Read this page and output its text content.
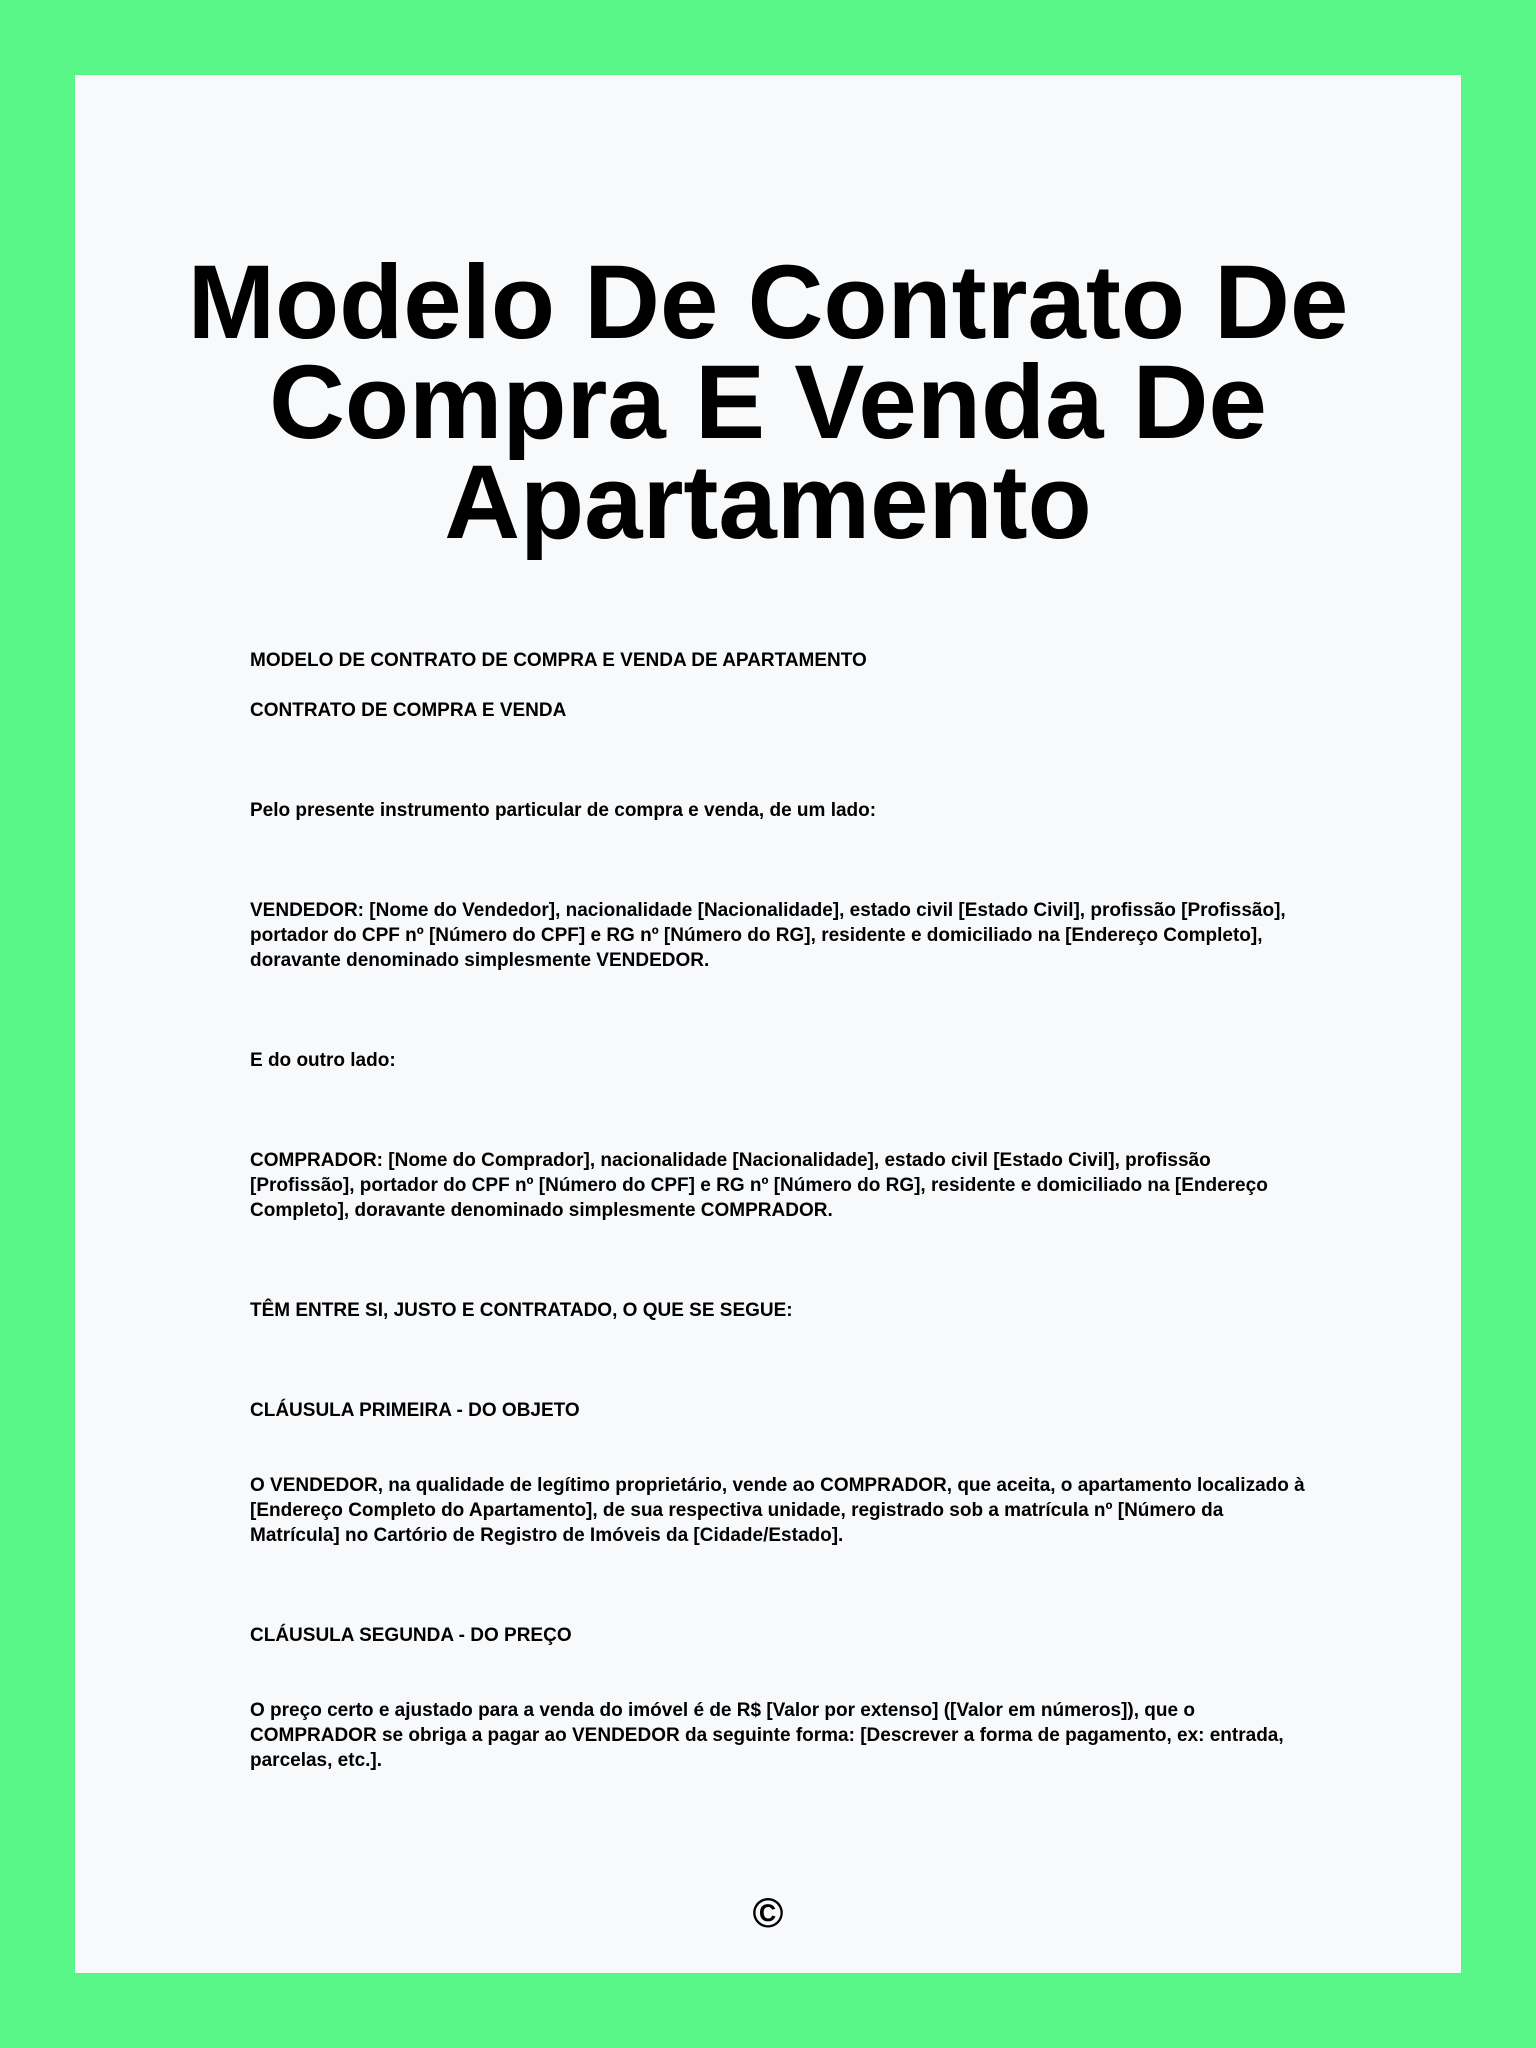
Modelo De Contrato De Compra E Venda De Apartamento

MODELO DE CONTRATO DE COMPRA E VENDA DE APARTAMENTO

CONTRATO DE COMPRA E VENDA

Pelo presente instrumento particular de compra e venda, de um lado:

VENDEDOR: [Nome do Vendedor], nacionalidade [Nacionalidade], estado civil [Estado Civil], profissão [Profissão], portador do CPF nº [Número do CPF] e RG nº [Número do RG], residente e domiciliado na [Endereço Completo], doravante denominado simplesmente VENDEDOR.

E do outro lado:

COMPRADOR: [Nome do Comprador], nacionalidade [Nacionalidade], estado civil [Estado Civil], profissão [Profissão], portador do CPF nº [Número do CPF] e RG nº [Número do RG], residente e domiciliado na [Endereço Completo], doravante denominado simplesmente COMPRADOR.

TÊM ENTRE SI, JUSTO E CONTRATADO, O QUE SE SEGUE:

CLÁUSULA PRIMEIRA - DO OBJETO

O VENDEDOR, na qualidade de legítimo proprietário, vende ao COMPRADOR, que aceita, o apartamento localizado à [Endereço Completo do Apartamento], de sua respectiva unidade, registrado sob a matrícula nº [Número da Matrícula] no Cartório de Registro de Imóveis da [Cidade/Estado].

CLÁUSULA SEGUNDA - DO PREÇO

O preço certo e ajustado para a venda do imóvel é de R$ [Valor por extenso] ([Valor em números]), que o COMPRADOR se obriga a pagar ao VENDEDOR da seguinte forma: [Descrever a forma de pagamento, ex: entrada, parcelas, etc.].

©
